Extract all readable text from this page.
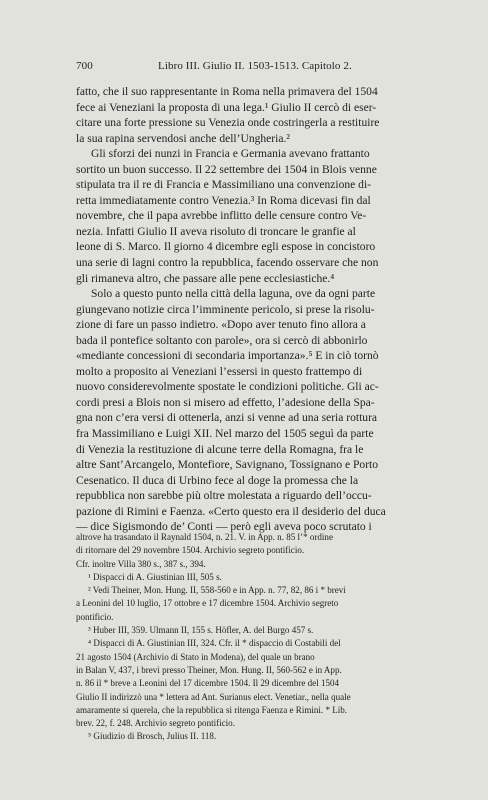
700	Libro III. Giulio II. 1503-1513. Capitolo 2.

fatto, che il suo rappresentante in Roma nella primavera del 1504
fece ai Veneziani la proposta di una lega.¹ Giulio II cercò di eser-
citare una forte pressione su Venezia onde costringerla a restituire
la sua rapina servendosi anche dell’Ungheria.²

Gli sforzi dei nunzi in Francia e Germania avevano frattanto
sortito un buon successo. Il 22 settembre dei 1504 in Blois venne
stipulata tra il re di Francia e Massimiliano una convenzione di-
retta immediatamente contro Venezia.³ In Roma dicevasi fin dal
novembre, che il papa avrebbe inflitto delle censure contro Ve-
nezia. Infatti Giulio II aveva risoluto di troncare le granfie al
leone di S. Marco. Il giorno 4 dicembre egli espose in concistoro
una serie di lagni contro la repubblica, facendo osservare che non
gli rimaneva altro, che passare alle pene ecclesiastiche.⁴

Solo a questo punto nella città della laguna, ove da ogni parte
giungevano notizie circa l’imminente pericolo, si prese la risolu-
zione di fare un passo indietro. «Dopo aver tenuto fino allora a
bada il pontefice soltanto con parole», ora si cercò di abbonirlo
«mediante concessioni di secondaria importanza».⁵ E in ciò tornò
molto a proposito ai Veneziani l’essersi in questo frattempo di
nuovo considerevolmente spostate le condizioni politiche. Gli ac-
cordi presi a Blois non si misero ad effetto, l’adesione della Spa-
gna non c’era versi di ottenerla, anzi si venne ad una seria rottura
fra Massimiliano e Luigi XII. Nel marzo del 1505 seguì da parte
di Venezia la restituzione di alcune terre della Romagna, fra le
altre Sant’Arcangelo, Montefiore, Savignano, Tossignano e Porto
Cesenatico. Il duca di Urbino fece al doge la promessa che la
repubblica non sarebbe più oltre molestata a riguardo dell’occu-
pazione di Rimini e Faenza. «Certo questo era il desiderio del duca
— dice Sigismondo de’ Conti — però egli aveva poco scrutato i

altrove ha trasandato il Raynald 1504, n. 21. V. in App. n. 85 l’* ordine
di ritornare del 29 novembre 1504. Archivio segreto pontificio.
Cfr. inoltre Villa 380 s., 387 s., 394.
¹ Dispacci di A. Giustinian III, 505 s.
² Vedi Theiner, Mon. Hung. II, 558-560 e in App. n. 77, 82, 86 i * brevi
a Leonini del 10 luglio, 17 ottobre e 17 dicembre 1504. Archivio segreto
pontificio.
³ Huber III, 359. Ulmann II, 155 s. Höfler, A. del Burgo 457 s.
⁴ Dispacci di A. Giustinian III, 324. Cfr. il * dispaccio di Costabili del
21 agosto 1504 (Archivio di Stato in Modena), del quale un brano
in Balan V, 437, i brevi presso Theiner, Mon. Hung. II, 560-562 e in App.
n. 86 il * breve a Leonini del 17 dicembre 1504. Il 29 dicembre del 1504
Giulio II indirizzò una * lettera ad Ant. Surianus elect. Venetiar., nella quale
amaramente si querela, che la repubblica si ritenga Faenza e Rimini. * Lib.
brev. 22, f. 248. Archivio segreto pontificio.
⁵ Giudizio di Brosch, Julius II. 118.
